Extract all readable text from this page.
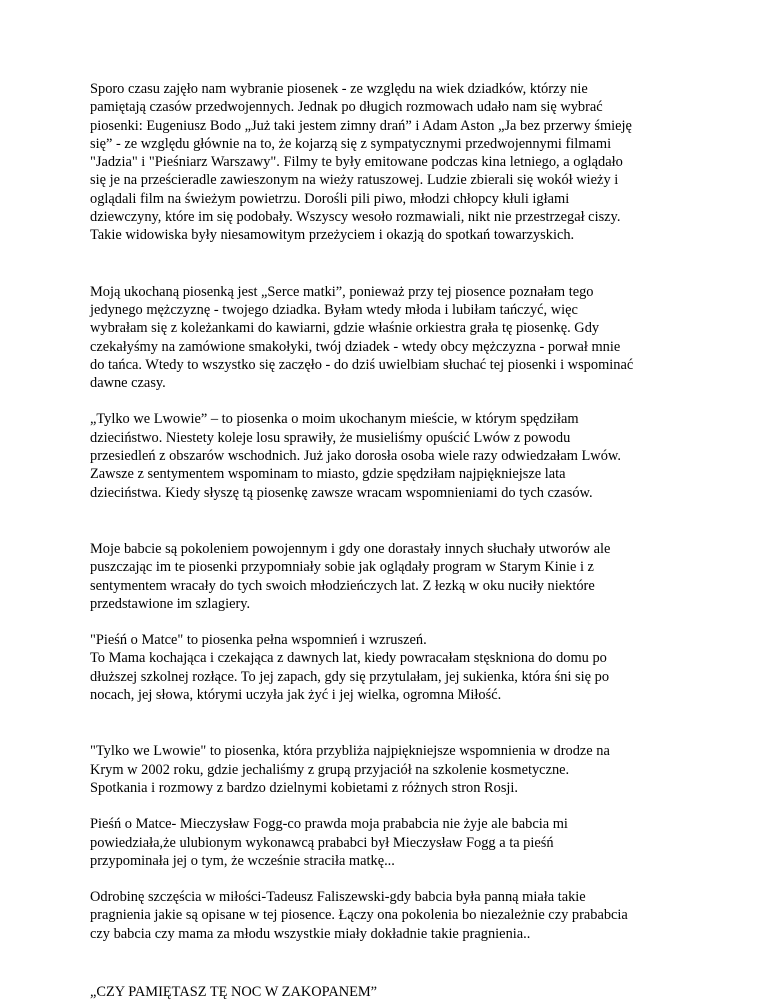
Sporo czasu zajęło nam wybranie piosenek - ze względu na wiek dziadków, którzy nie
pamiętają czasów przedwojennych. Jednak po długich rozmowach udało nam się wybrać
piosenki: Eugeniusz Bodo „Już taki jestem zimny drań” i Adam Aston „Ja bez przerwy śmieję
się” - ze względu głównie na to, że kojarzą się z sympatycznymi przedwojennymi filmami
"Jadzia" i "Pieśniarz Warszawy". Filmy te były emitowane podczas kina letniego, a oglądało
się je na prześcieradle zawieszonym na wieży ratuszowej. Ludzie zbierali się wokół wieży i
oglądali film na świeżym powietrzu. Dorośli pili piwo, młodzi chłopcy kłuli igłami
dziewczyny, które im się podobały. Wszyscy wesoło rozmawiali, nikt nie przestrzegał ciszy.
Takie widowiska były niesamowitym przeżyciem i okazją do spotkań towarzyskich.

Moją ukochaną piosenką jest „Serce matki”, ponieważ przy tej piosence poznałam tego
jedynego mężczyznę - twojego dziadka. Byłam wtedy młoda i lubiłam tańczyć, więc
wybrałam się z koleżankami do kawiarni, gdzie właśnie orkiestra grała tę piosenkę. Gdy
czekałyśmy na zamówione smakołyki, twój dziadek - wtedy obcy mężczyzna - porwał mnie
do tańca. Wtedy to wszystko się zaczęło - do dziś uwielbiam słuchać tej piosenki i wspominać
dawne czasy.

„Tylko we Lwowie” – to piosenka o moim ukochanym mieście, w którym spędziłam
dzieciństwo. Niestety koleje losu sprawiły, że musieliśmy opuścić Lwów z powodu
przesiedleń z obszarów wschodnich. Już jako dorosła osoba wiele razy odwiedzałam Lwów.
Zawsze z sentymentem wspominam to miasto, gdzie spędziłam najpiękniejsze lata
dzieciństwa. Kiedy słyszę tą piosenkę zawsze wracam wspomnieniami do tych czasów.

Moje babcie są pokoleniem powojennym i gdy one dorastały innych słuchały utworów ale
puszczając im te piosenki przypomniały sobie jak oglądały program w Starym Kinie i z
sentymentem wracały do tych swoich młodzieńczych lat. Z łezką w oku nuciły niektóre
przedstawione im szlagiery.

"Pieśń o Matce" to piosenka pełna wspomnień i wzruszeń.
To Mama kochająca i czekająca z dawnych lat, kiedy powracałam stęskniona do domu po
dłuższej szkolnej rozłące. To jej zapach, gdy się przytulałam, jej sukienka, która śni się po
nocach, jej słowa, którymi uczyła jak żyć i jej wielka, ogromna Miłość.

"Tylko we Lwowie" to piosenka, która przybliża najpiękniejsze wspomnienia w drodze na
Krym w 2002 roku, gdzie jechaliśmy z grupą przyjaciół na szkolenie kosmetyczne.
Spotkania i rozmowy z bardzo dzielnymi kobietami z różnych stron Rosji.

Pieśń o Matce- Mieczysław Fogg-co prawda moja prababcia nie żyje ale babcia mi
powiedziała,że ulubionym wykonawcą prababci był Mieczysław Fogg a ta pieśń
przypominała jej o tym, że wcześnie straciła matkę...

Odrobinę szczęścia w miłości-Tadeusz Faliszewski-gdy babcia była panną miała takie
pragnienia jakie są opisane w tej piosence. Łączy ona pokolenia bo niezależnie czy prababcia
czy babcia czy mama za młodu wszystkie miały dokładnie takie pragnienia..

„CZY PAMIĘTASZ TĘ NOC W ZAKOPANEM”
